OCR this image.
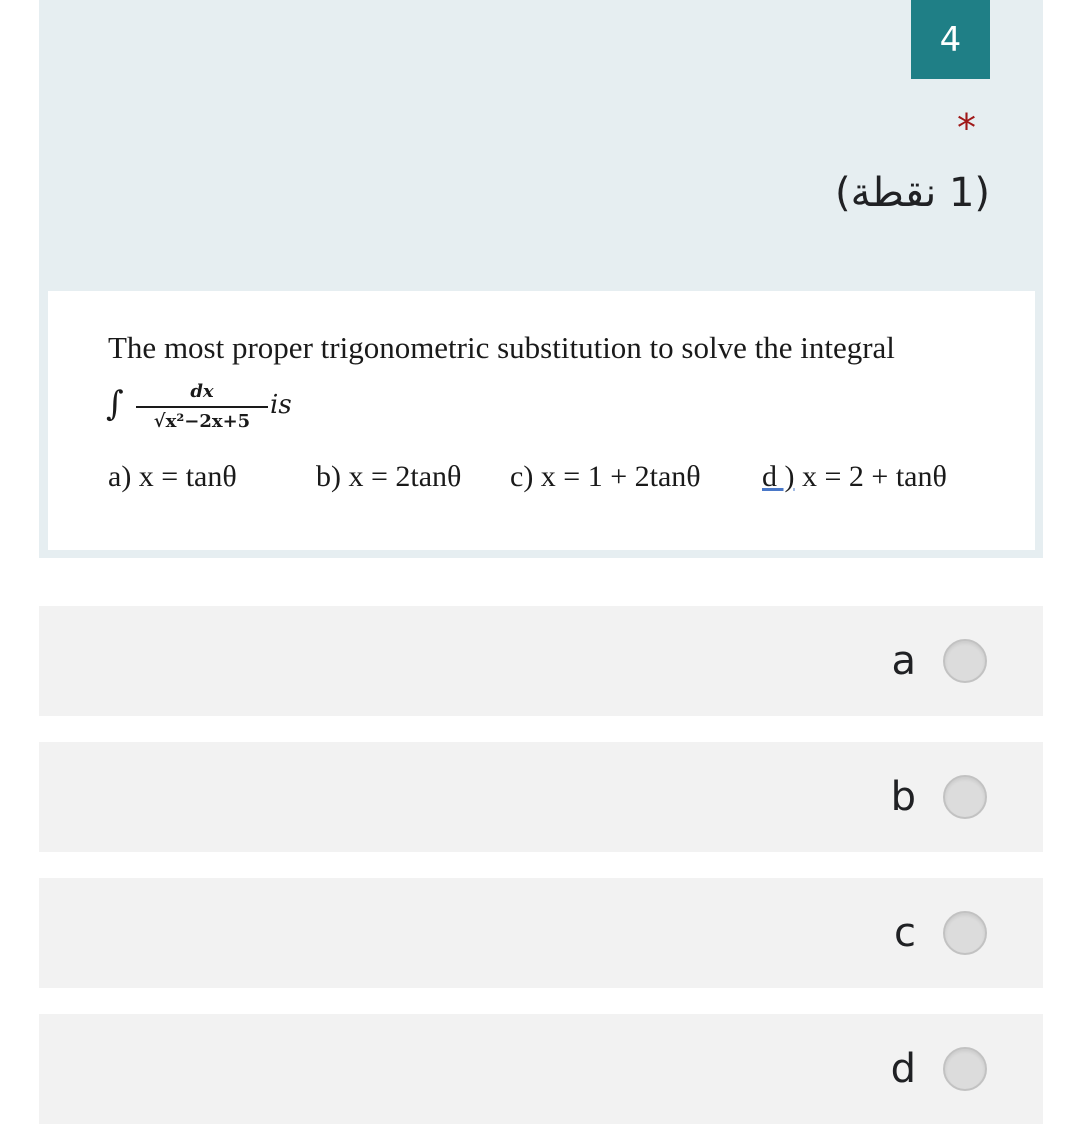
4
*
(1 نقطة)
The most proper trigonometric substitution to solve the integral
∫	dx
√x²−2x+5
is
a) x = tanθ	b) x = 2tanθ c) x = 1 + 2tanθ d ) x = 2 + tanθ
a
b
c
d
